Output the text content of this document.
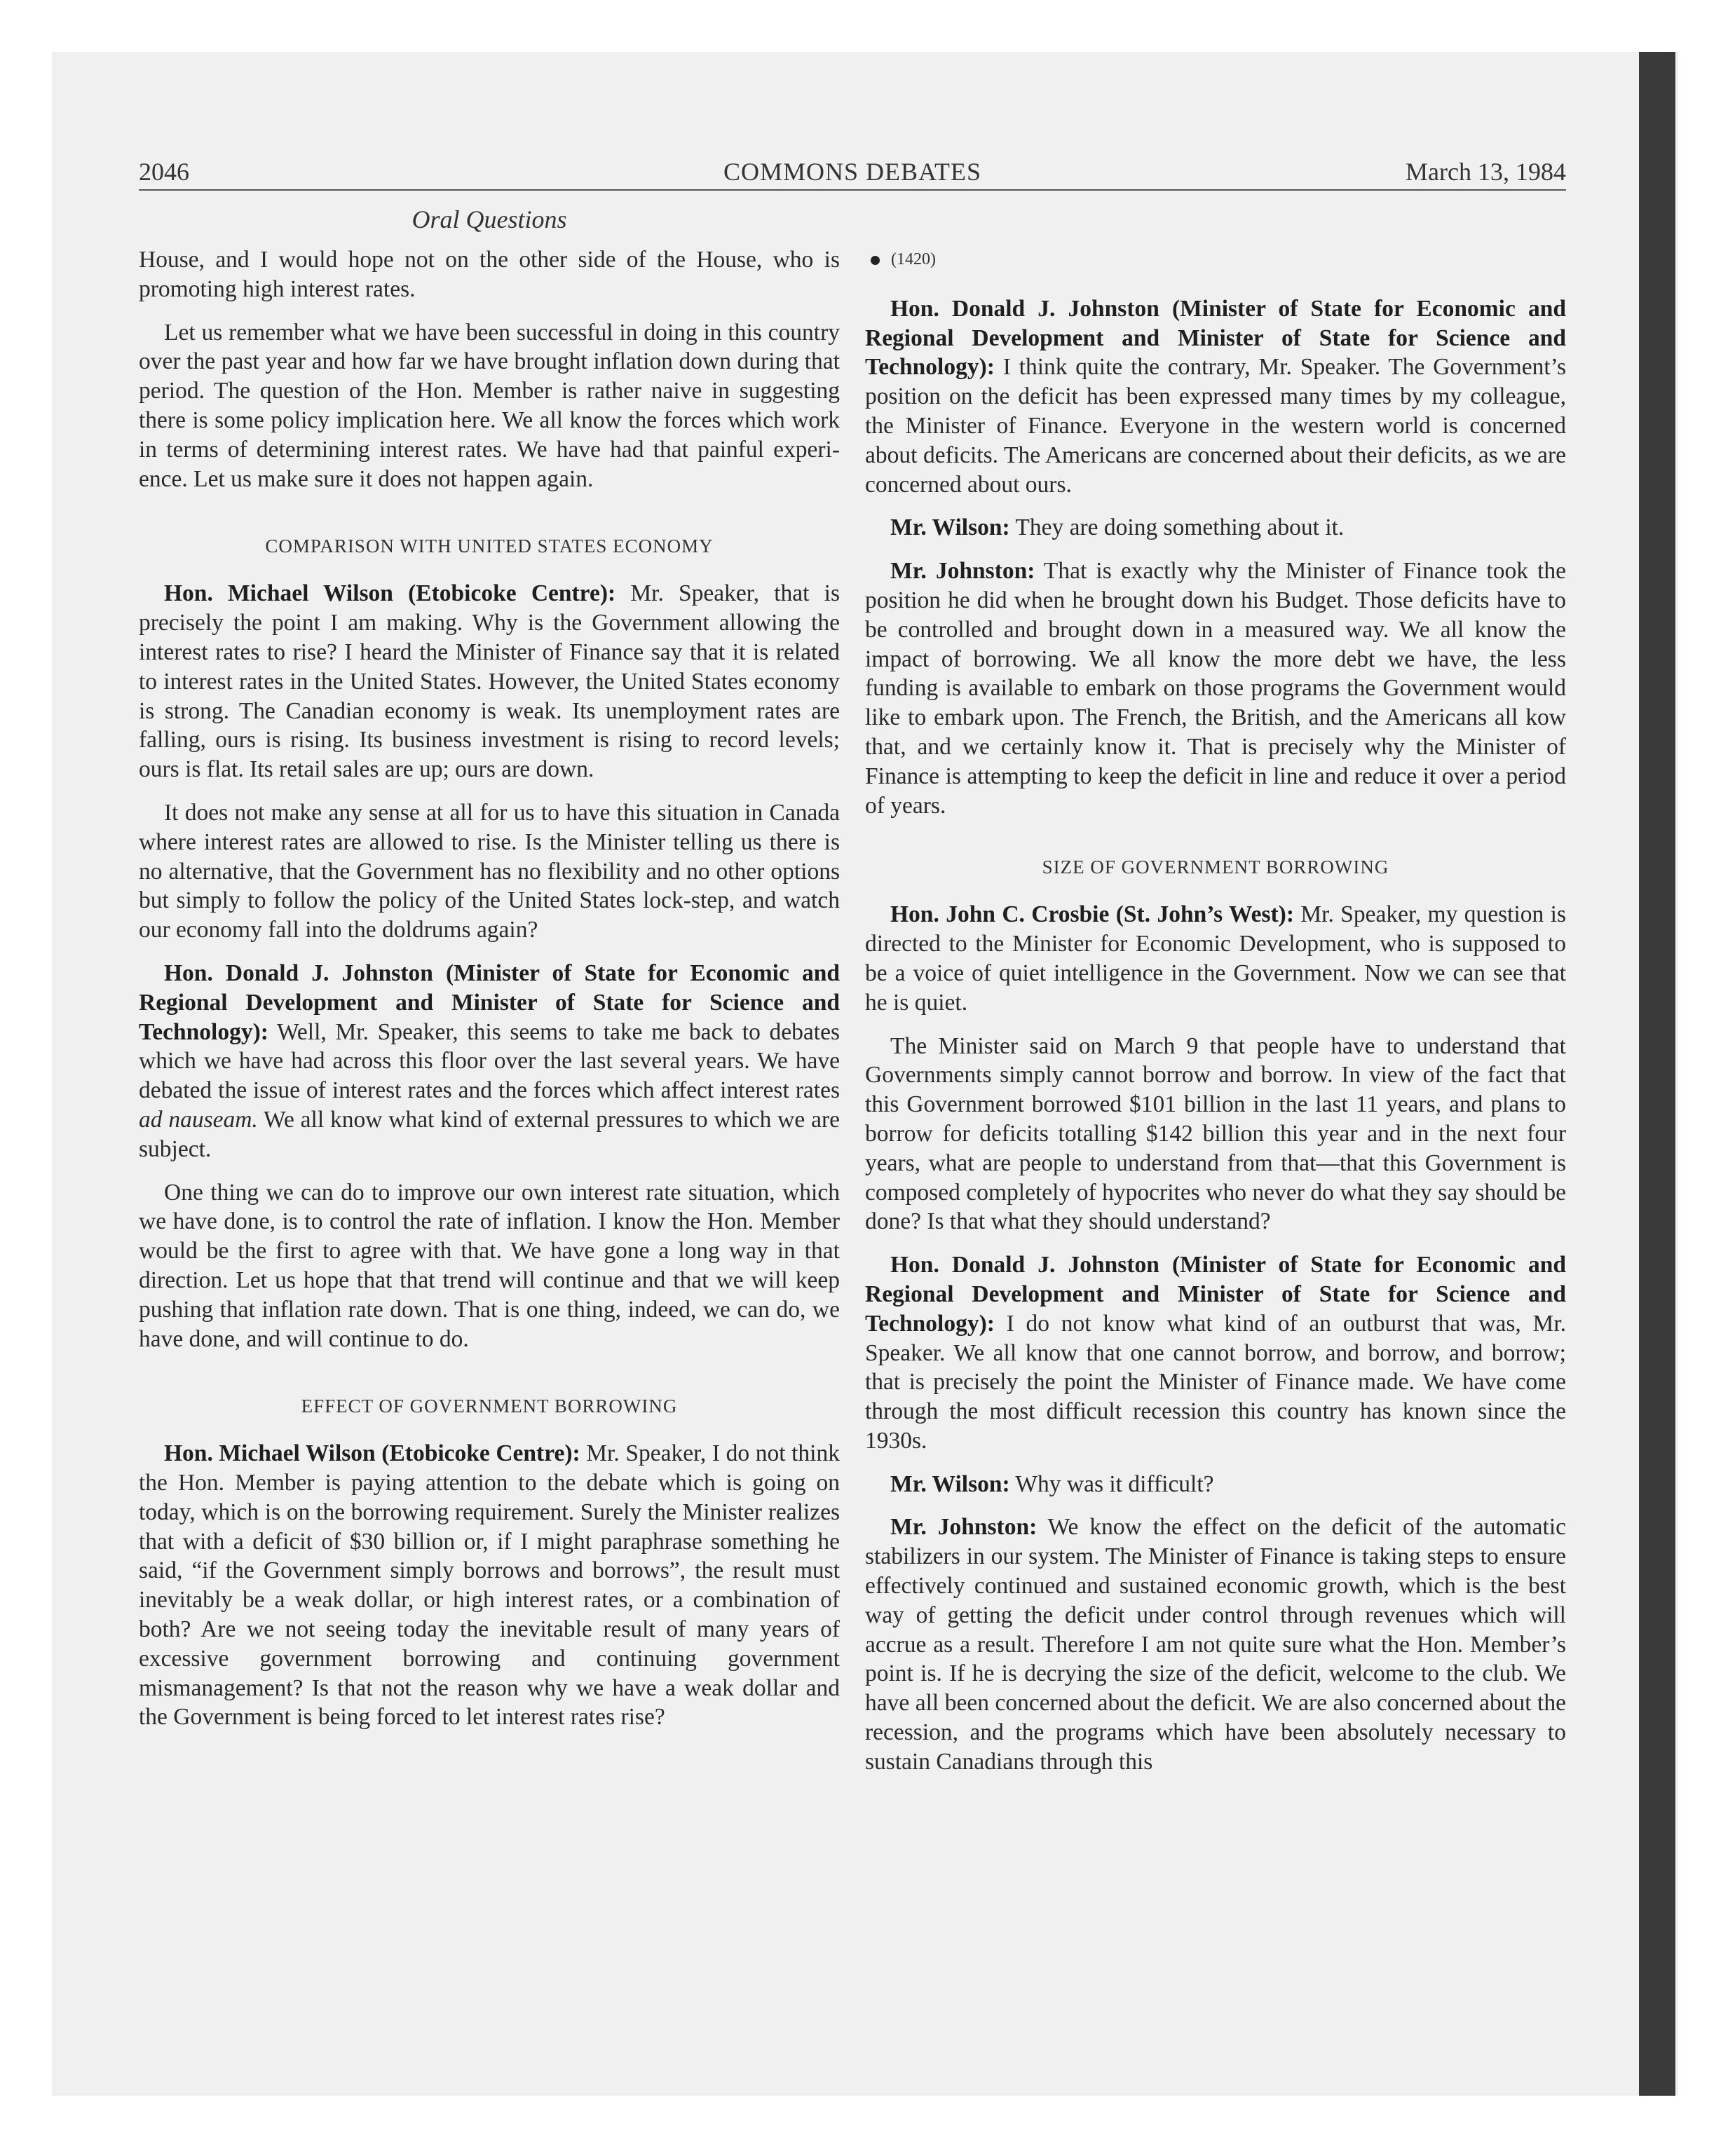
2046	COMMONS DEBATES	March 13, 1984
Oral Questions

House, and I would hope not on the other side of the House, who is promoting high interest rates.

Let us remember what we have been successful in doing in this country over the past year and how far we have brought inflation down during that period. The question of the Hon. Member is rather naive in suggesting there is some policy implication here. We all know the forces which work in terms of determining interest rates. We have had that painful experience. Let us make sure it does not happen again.

COMPARISON WITH UNITED STATES ECONOMY

Hon. Michael Wilson (Etobicoke Centre): Mr. Speaker, that is precisely the point I am making. Why is the Government allowing the interest rates to rise? I heard the Minister of Finance say that it is related to interest rates in the United States. However, the United States economy is strong. The Canadian economy is weak. Its unemployment rates are falling, ours is rising. Its business investment is rising to record levels; ours is flat. Its retail sales are up; ours are down.

It does not make any sense at all for us to have this situation in Canada where interest rates are allowed to rise. Is the Minister telling us there is no alternative, that the Government has no flexibility and no other options but simply to follow the policy of the United States lock-step, and watch our economy fall into the doldrums again?

Hon. Donald J. Johnston (Minister of State for Economic and Regional Development and Minister of State for Science and Technology): Well, Mr. Speaker, this seems to take me back to debates which we have had across this floor over the last several years. We have debated the issue of interest rates and the forces which affect interest rates ad nauseam. We all know what kind of external pressures to which we are subject.

One thing we can do to improve our own interest rate situation, which we have done, is to control the rate of inflation. I know the Hon. Member would be the first to agree with that. We have gone a long way in that direction. Let us hope that that trend will continue and that we will keep pushing that inflation rate down. That is one thing, indeed, we can do, we have done, and will continue to do.

EFFECT OF GOVERNMENT BORROWING

Hon. Michael Wilson (Etobicoke Centre): Mr. Speaker, I do not think the Hon. Member is paying attention to the debate which is going on today, which is on the borrowing requirement. Surely the Minister realizes that with a deficit of $30 billion or, if I might paraphrase something he said, “if the Government simply borrows and borrows”, the result must inevitably be a weak dollar, or high interest rates, or a combination of both? Are we not seeing today the inevitable result of many years of excessive government borrowing and continuing government mismanagement? Is that not the reason why we have a weak dollar and the Government is being forced to let interest rates rise?

(1420)

Hon. Donald J. Johnston (Minister of State for Economic and Regional Development and Minister of State for Science and Technology): I think quite the contrary, Mr. Speaker. The Government’s position on the deficit has been expressed many times by my colleague, the Minister of Finance. Everyone in the western world is concerned about deficits. The Americans are concerned about their deficits, as we are concerned about ours.

Mr. Wilson: They are doing something about it.

Mr. Johnston: That is exactly why the Minister of Finance took the position he did when he brought down his Budget. Those deficits have to be controlled and brought down in a measured way. We all know the impact of borrowing. We all know the more debt we have, the less funding is available to embark on those programs the Government would like to embark upon. The French, the British, and the Americans all kow that, and we certainly know it. That is precisely why the Minister of Finance is attempting to keep the deficit in line and reduce it over a period of years.

SIZE OF GOVERNMENT BORROWING

Hon. John C. Crosbie (St. John’s West): Mr. Speaker, my question is directed to the Minister for Economic Development, who is supposed to be a voice of quiet intelligence in the Government. Now we can see that he is quiet.

The Minister said on March 9 that people have to understand that Governments simply cannot borrow and borrow. In view of the fact that this Government borrowed $101 billion in the last 11 years, and plans to borrow for deficits totalling $142 billion this year and in the next four years, what are people to understand from that—that this Government is composed completely of hypocrites who never do what they say should be done? Is that what they should understand?

Hon. Donald J. Johnston (Minister of State for Economic and Regional Development and Minister of State for Science and Technology): I do not know what kind of an outburst that was, Mr. Speaker. We all know that one cannot borrow, and borrow, and borrow; that is precisely the point the Minister of Finance made. We have come through the most difficult recession this country has known since the 1930s.

Mr. Wilson: Why was it difficult?

Mr. Johnston: We know the effect on the deficit of the automatic stabilizers in our system. The Minister of Finance is taking steps to ensure effectively continued and sustained economic growth, which is the best way of getting the deficit under control through revenues which will accrue as a result. Therefore I am not quite sure what the Hon. Member’s point is. If he is decrying the size of the deficit, welcome to the club. We have all been concerned about the deficit. We are also concerned about the recession, and the programs which have been absolutely necessary to sustain Canadians through this
